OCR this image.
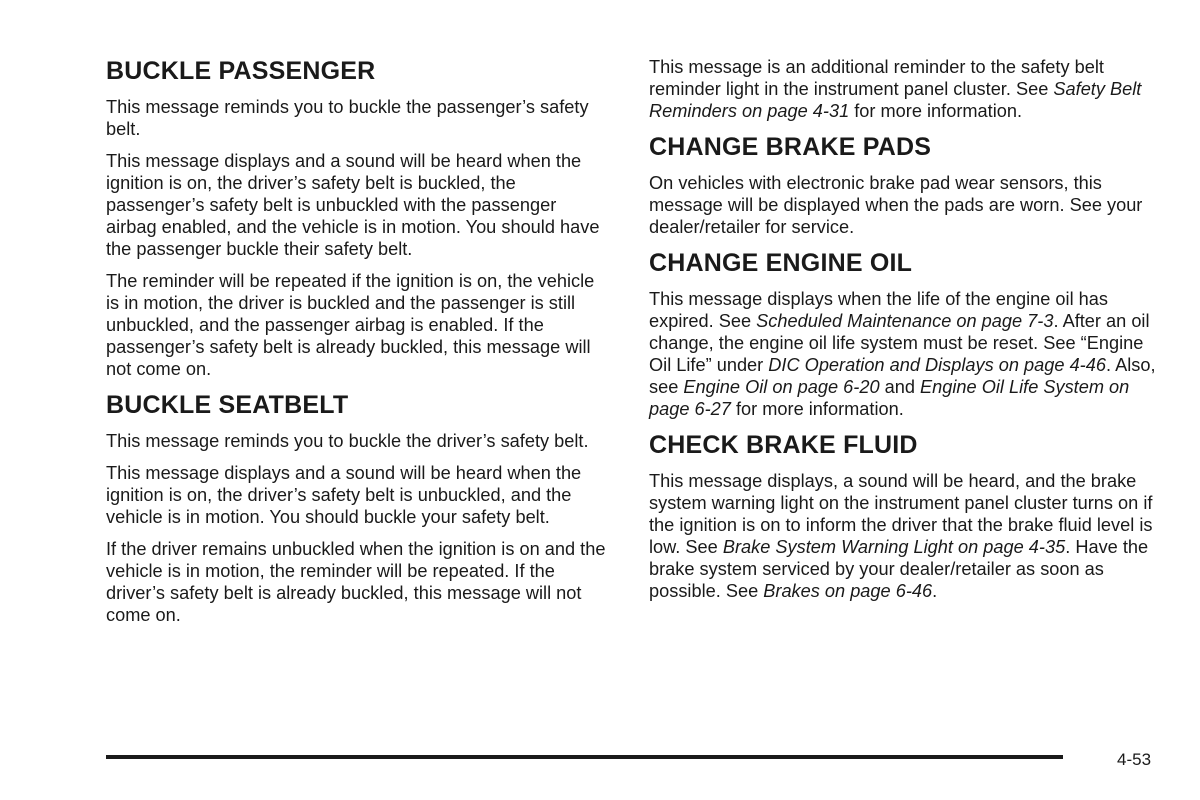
BUCKLE PASSENGER

This message reminds you to buckle the passenger’s safety belt.

This message displays and a sound will be heard when the ignition is on, the driver’s safety belt is buckled, the passenger’s safety belt is unbuckled with the passenger airbag enabled, and the vehicle is in motion. You should have the passenger buckle their safety belt.

The reminder will be repeated if the ignition is on, the vehicle is in motion, the driver is buckled and the passenger is still unbuckled, and the passenger airbag is enabled. If the passenger’s safety belt is already buckled, this message will not come on.

BUCKLE SEATBELT

This message reminds you to buckle the driver’s safety belt.

This message displays and a sound will be heard when the ignition is on, the driver’s safety belt is unbuckled, and the vehicle is in motion. You should buckle your safety belt.

If the driver remains unbuckled when the ignition is on and the vehicle is in motion, the reminder will be repeated. If the driver’s safety belt is already buckled, this message will not come on.

This message is an additional reminder to the safety belt reminder light in the instrument panel cluster. See Safety Belt Reminders on page 4-31 for more information.

CHANGE BRAKE PADS

On vehicles with electronic brake pad wear sensors, this message will be displayed when the pads are worn. See your dealer/retailer for service.

CHANGE ENGINE OIL

This message displays when the life of the engine oil has expired. See Scheduled Maintenance on page 7-3. After an oil change, the engine oil life system must be reset. See “Engine Oil Life” under DIC Operation and Displays on page 4-46. Also, see Engine Oil on page 6-20 and Engine Oil Life System on page 6-27 for more information.

CHECK BRAKE FLUID

This message displays, a sound will be heard, and the brake system warning light on the instrument panel cluster turns on if the ignition is on to inform the driver that the brake fluid level is low. See Brake System Warning Light on page 4-35. Have the brake system serviced by your dealer/retailer as soon as possible. See Brakes on page 6-46.

4-53
